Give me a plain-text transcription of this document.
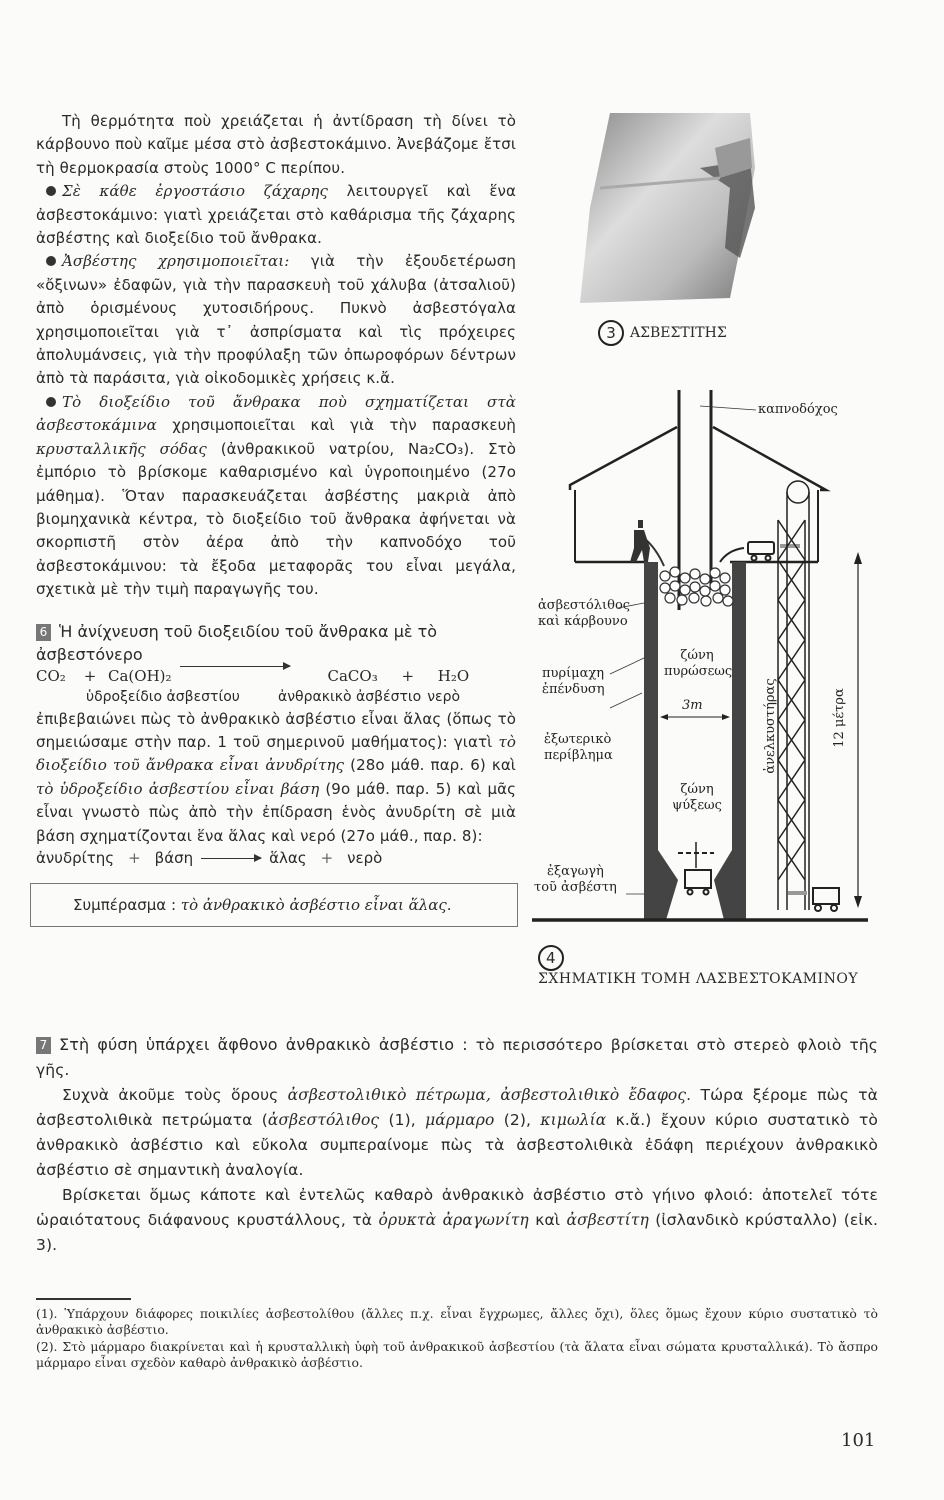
Τὴ θερμότητα ποὺ χρειάζεται ἡ ἀντίδραση τὴ δίνει τὸ κάρβουνο ποὺ καῖμε μέσα στὸ ἀσβεστοκάμινο. Ἀνεβάζομε ἔτσι τὴ θερμοκρασία στοὺς 1000° C περίπου.

Σὲ κάθε ἐργοστάσιο ζάχαρης λειτουργεῖ καὶ ἕνα ἀσβεστοκάμινο: γιατὶ χρειάζεται στὸ καθάρισμα τῆς ζάχαρης ἀσβέστης καὶ διοξείδιο τοῦ ἄνθρακα.

Ἀσβέστης χρησιμοποιεῖται: γιὰ τὴν ἐξουδετέρωση «ὄξινων» ἐδαφῶν, γιὰ τὴν παρασκευὴ τοῦ χάλυβα (ἀτσαλιοῦ) ἀπὸ ὁρισμένους χυτοσιδήρους. Πυκνὸ ἀσβεστόγαλα χρησιμοποιεῖται γιὰ τ᾽ ἀσπρίσματα καὶ τὶς πρόχειρες ἀπολυμάνσεις, γιὰ τὴν προφύλαξη τῶν ὀπωροφόρων δέντρων ἀπὸ τὰ παράσιτα, γιὰ οἰκοδομικὲς χρήσεις κ.ἄ.

Τὸ διοξείδιο τοῦ ἄνθρακα ποὺ σχηματίζεται στὰ ἀσβεστοκάμινα χρησιμοποιεῖται καὶ γιὰ τὴν παρασκευὴ κρυσταλλικῆς σόδας (ἀνθρακικοῦ νατρίου, Na₂CO₃). Στὸ ἐμπόριο τὸ βρίσκομε καθαρισμένο καὶ ὑγροποιημένο (27ο μάθημα). Ὅταν παρασκευάζεται ἀσβέστης μακριὰ ἀπὸ βιομηχανικὰ κέντρα, τὸ διοξείδιο τοῦ ἄνθρακα ἀφήνεται νὰ σκορπιστῆ στὸν ἀέρα ἀπὸ τὴν καπνοδόχο τοῦ ἀσβεστοκάμινου: τὰ ἔξοδα μεταφορᾶς του εἶναι μεγάλα, σχετικὰ μὲ τὴν τιμὴ παραγωγῆς του.

6 Ἡ ἀνίχνευση τοῦ διοξειδίου τοῦ ἄνθρακα μὲ τὸ ἀσβεστόνερο
CO₂	+ Ca(OH)₂	CaCO₃	+	H₂O
ὑδροξείδιο ἀσβεστίου	ἀνθρακικὸ ἀσβέστιο νερὸ

ἐπιβεβαιώνει πὼς τὸ ἀνθρακικὸ ἀσβέστιο εἶναι ἅλας (ὅπως τὸ σημειώσαμε στὴν παρ. 1 τοῦ σημερινοῦ μαθήματος): γιατὶ τὸ διοξείδιο τοῦ ἄνθρακα εἶναι ἀνυδρίτης (28ο μάθ. παρ. 6) καὶ τὸ ὑδροξείδιο ἀσβεστίου εἶναι βάση (9ο μάθ. παρ. 5) καὶ μᾶς εἶναι γνωστὸ πὼς ἀπὸ τὴν ἐπίδραση ἑνὸς ἀνυδρίτη σὲ μιὰ βάση σχηματίζονται ἕνα ἅλας καὶ νερό (27ο μάθ., παρ. 8):

ἀνυδρίτης + βάση → ἅλας + νερὸ
Συμπέρασμα : τὸ ἀνθρακικὸ ἀσβέστιο εἶναι ἅλας.
3	ΑΣΒΕΣΤΙΤΗΣ
καπνοδόχος
ἀσβεστόλιθος
καὶ κάρβουνο
πυρίμαχη
ἐπένδυση
ἐξωτερικὸ
περίβλημα
ζώνη
πυρώσεως
3m
ζώνη
ψύξεως
ἀνελκυστήρας	12 μέτρα
ἐξαγωγὴ
τοῦ ἀσβέστη
4
ΣΧΗΜΑΤΙΚΗ ΤΟΜΗ ΛΑΣΒΕΣΤΟΚΑΜΙΝΟΥ

7 Στὴ φύση ὑπάρχει ἄφθονο ἀνθρακικὸ ἀσβέστιο : τὸ περισσότερο βρίσκεται στὸ στερεὸ φλοιὸ τῆς γῆς.

Συχνὰ ἀκοῦμε τοὺς ὅρους ἀσβεστολιθικὸ πέτρωμα, ἀσβεστολιθικὸ ἔδαφος. Τώρα ξέρομε πὼς τὰ ἀσβεστολιθικὰ πετρώματα (ἀσβεστόλιθος (1), μάρμαρο (2), κιμωλία κ.ἄ.) ἔχουν κύριο συστατικὸ τὸ ἀνθρακικὸ ἀσβέστιο καὶ εὔκολα συμπεραίνομε πὼς τὰ ἀσβεστολιθικὰ ἐδάφη περιέχουν ἀνθρακικὸ ἀσβέστιο σὲ σημαντικὴ ἀναλογία.

Βρίσκεται ὅμως κάποτε καὶ ἐντελῶς καθαρὸ ἀνθρακικὸ ἀσβέστιο στὸ γήινο φλοιό: ἀποτελεῖ τότε ὡραιότατους διάφανους κρυστάλλους, τὰ ὀρυκτὰ ἀραγωνίτη καὶ ἀσβεστίτη (ἰσλανδικὸ κρύσταλλο) (εἰκ. 3).

(1). Ὑπάρχουν διάφορες ποικιλίες ἀσβεστολίθου (ἄλλες π.χ. εἶναι ἔγχρωμες, ἄλλες ὄχι), ὅλες ὅμως ἔχουν κύριο συστατικὸ τὸ ἀνθρακικὸ ἀσβέστιο.

(2). Στὸ μάρμαρο διακρίνεται καὶ ἡ κρυσταλλικὴ ὑφὴ τοῦ ἀνθρακικοῦ ἀσβεστίου (τὰ ἅλατα εἶναι σώματα κρυσταλλικά). Τὸ ἄσπρο μάρμαρο εἶναι σχεδὸν καθαρὸ ἀνθρακικὸ ἀσβέστιο.

101
